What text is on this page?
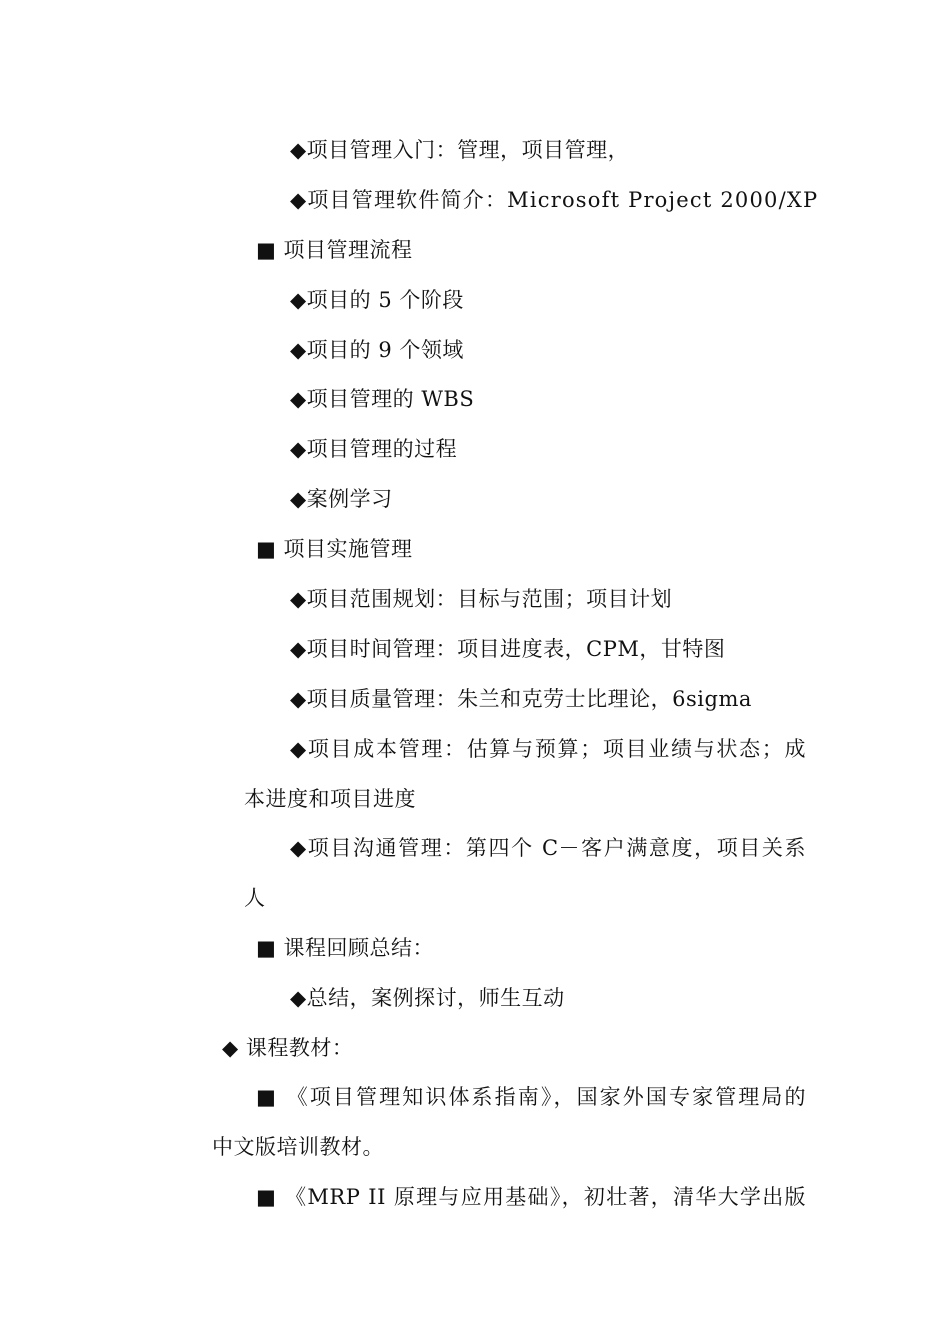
◆项目管理入门：管理，项目管理，
◆项目管理软件简介：Microsoft Project 2000/XP
■ 项目管理流程
◆项目的 5 个阶段
◆项目的 9 个领域
◆项目管理的 WBS
◆项目管理的过程
◆案例学习
■ 项目实施管理
◆项目范围规划：目标与范围；项目计划
◆项目时间管理：项目进度表，CPM，甘特图
◆项目质量管理：朱兰和克劳士比理论，6sigma
◆项目成本管理：估算与预算；项目业绩与状态；成
本进度和项目进度
◆项目沟通管理：第四个 C－客户满意度，项目关系
人
■ 课程回顾总结：
◆总结，案例探讨，师生互动
◆ 课程教材：
■ 《项目管理知识体系指南》，国家外国专家管理局的
中文版培训教材。
■ 《MRP II 原理与应用基础》，初壮著，清华大学出版
